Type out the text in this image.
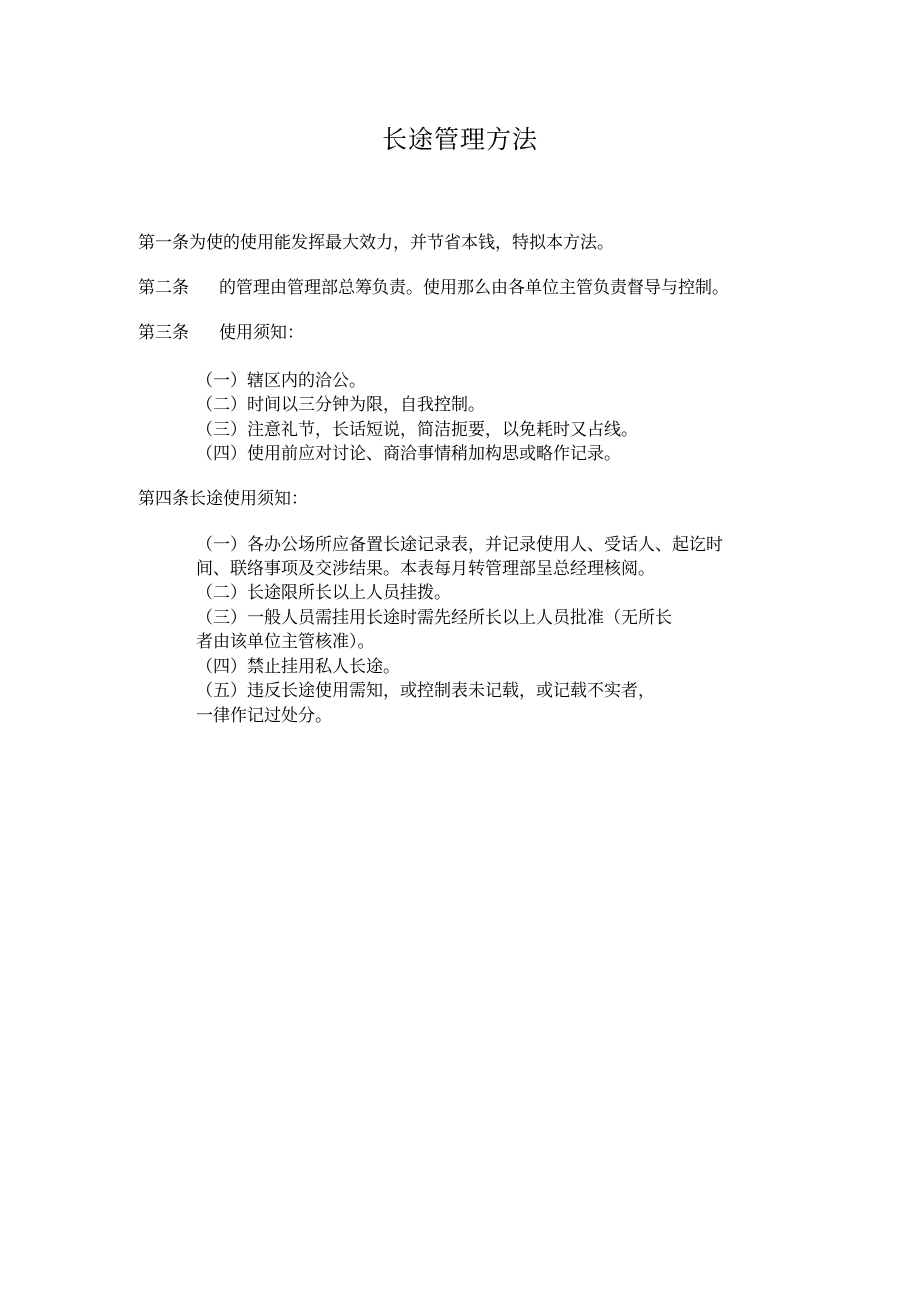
长途管理方法
第一条为使的使用能发挥最大效力，并节省本钱，特拟本方法。
第二条 的管理由管理部总筹负责。使用那么由各单位主管负责督导与控制。
第三条 使用须知：
（一）辖区内的洽公。
（二）时间以三分钟为限，自我控制。
（三）注意礼节，长话短说，简洁扼要，以免耗时又占线。
（四）使用前应对讨论、商洽事情稍加构思或略作记录。
第四条长途使用须知：
（一）各办公场所应备置长途记录表，并记录使用人、受话人、起讫时
间、联络事项及交涉结果。本表每月转管理部呈总经理核阅。
（二）长途限所长以上人员挂拨。
（三）一般人员需挂用长途时需先经所长以上人员批准（无所长
者由该单位主管核准）。
（四）禁止挂用私人长途。
（五）违反长途使用需知，或控制表未记载，或记载不实者，
一律作记过处分。
